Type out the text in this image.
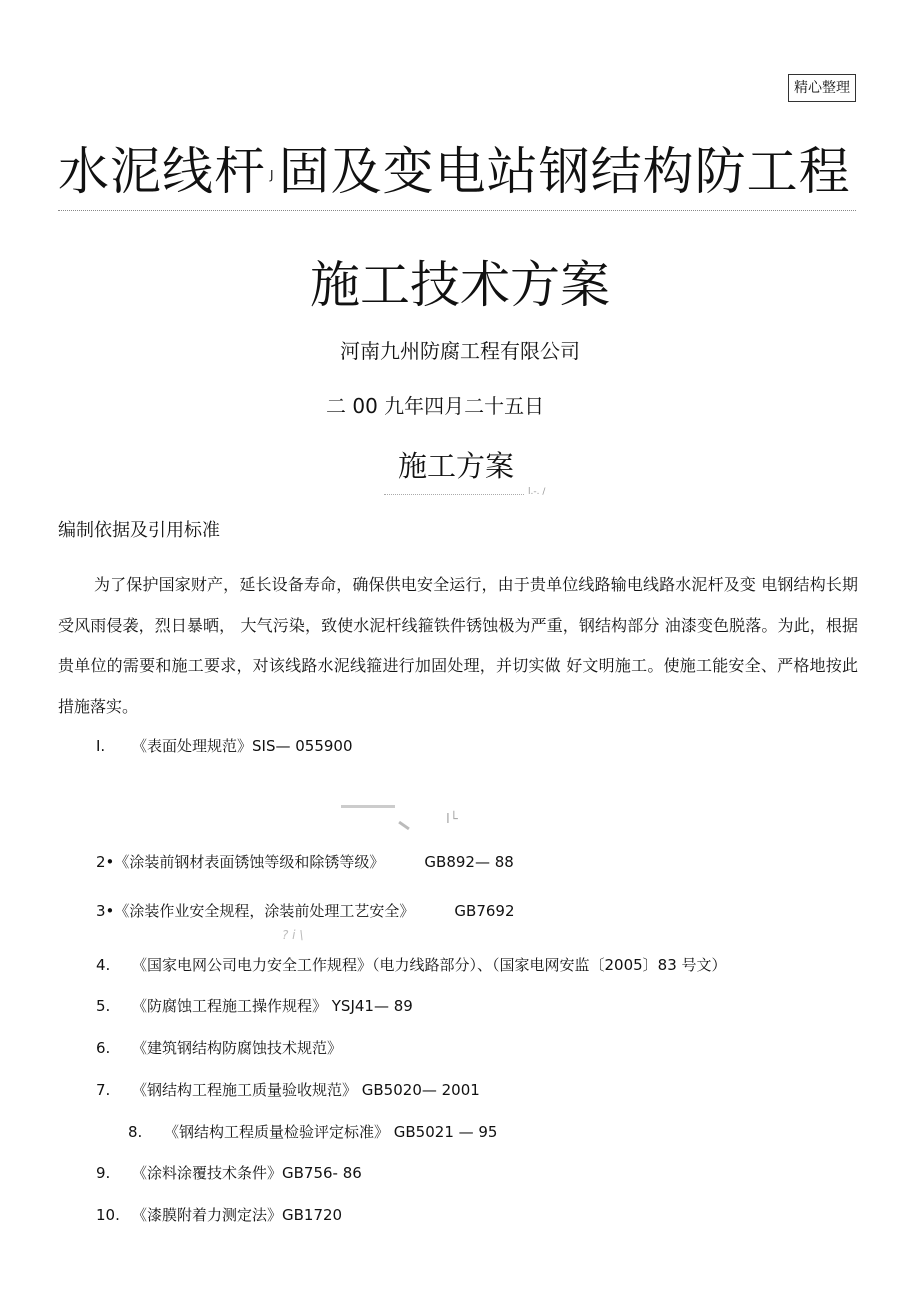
精心整理
水泥线杆 J固及变电站钢结构防工程
施工技术方案
河南九州防腐工程有限公司
二 00 九年四月二十五日
施工方案
l.-. /
编制依据及引用标准
为了保护国家财产，延长设备寿命，确保供电安全运行，由于贵单位线路输电线路水泥杆及变 电钢结构长期受风雨侵袭，烈日暴晒， 大气污染，致使水泥杆线箍铁件锈蚀极为严重，钢结构部分 油漆变色脱落。为此，根据贵单位的需要和施工要求，对该线路水泥线箍进行加固处理，并切实做 好文明施工。使施工能安全、严格地按此措施落实。
I. 《表面处理规范》SIS— 055900
I└
2•《涂装前钢材表面锈蚀等级和除锈等级》	GB892— 88
3•《涂装作业安全规程，涂装前处理工艺安全》	GB7692
? i \
4. 《国家电网公司电力安全工作规程》（电力线路部分）、（国家电网安监〔2005〕83 号文）
5. 《防腐蚀工程施工操作规程》 YSJ41— 89
6. 《建筑钢结构防腐蚀技术规范》
7. 《钢结构工程施工质量验收规范》 GB5020— 2001
8. 《钢结构工程质量检验评定标准》 GB5021 — 95
9. 《涂料涂覆技术条件》GB756- 86
10. 《漆膜附着力测定法》GB1720
